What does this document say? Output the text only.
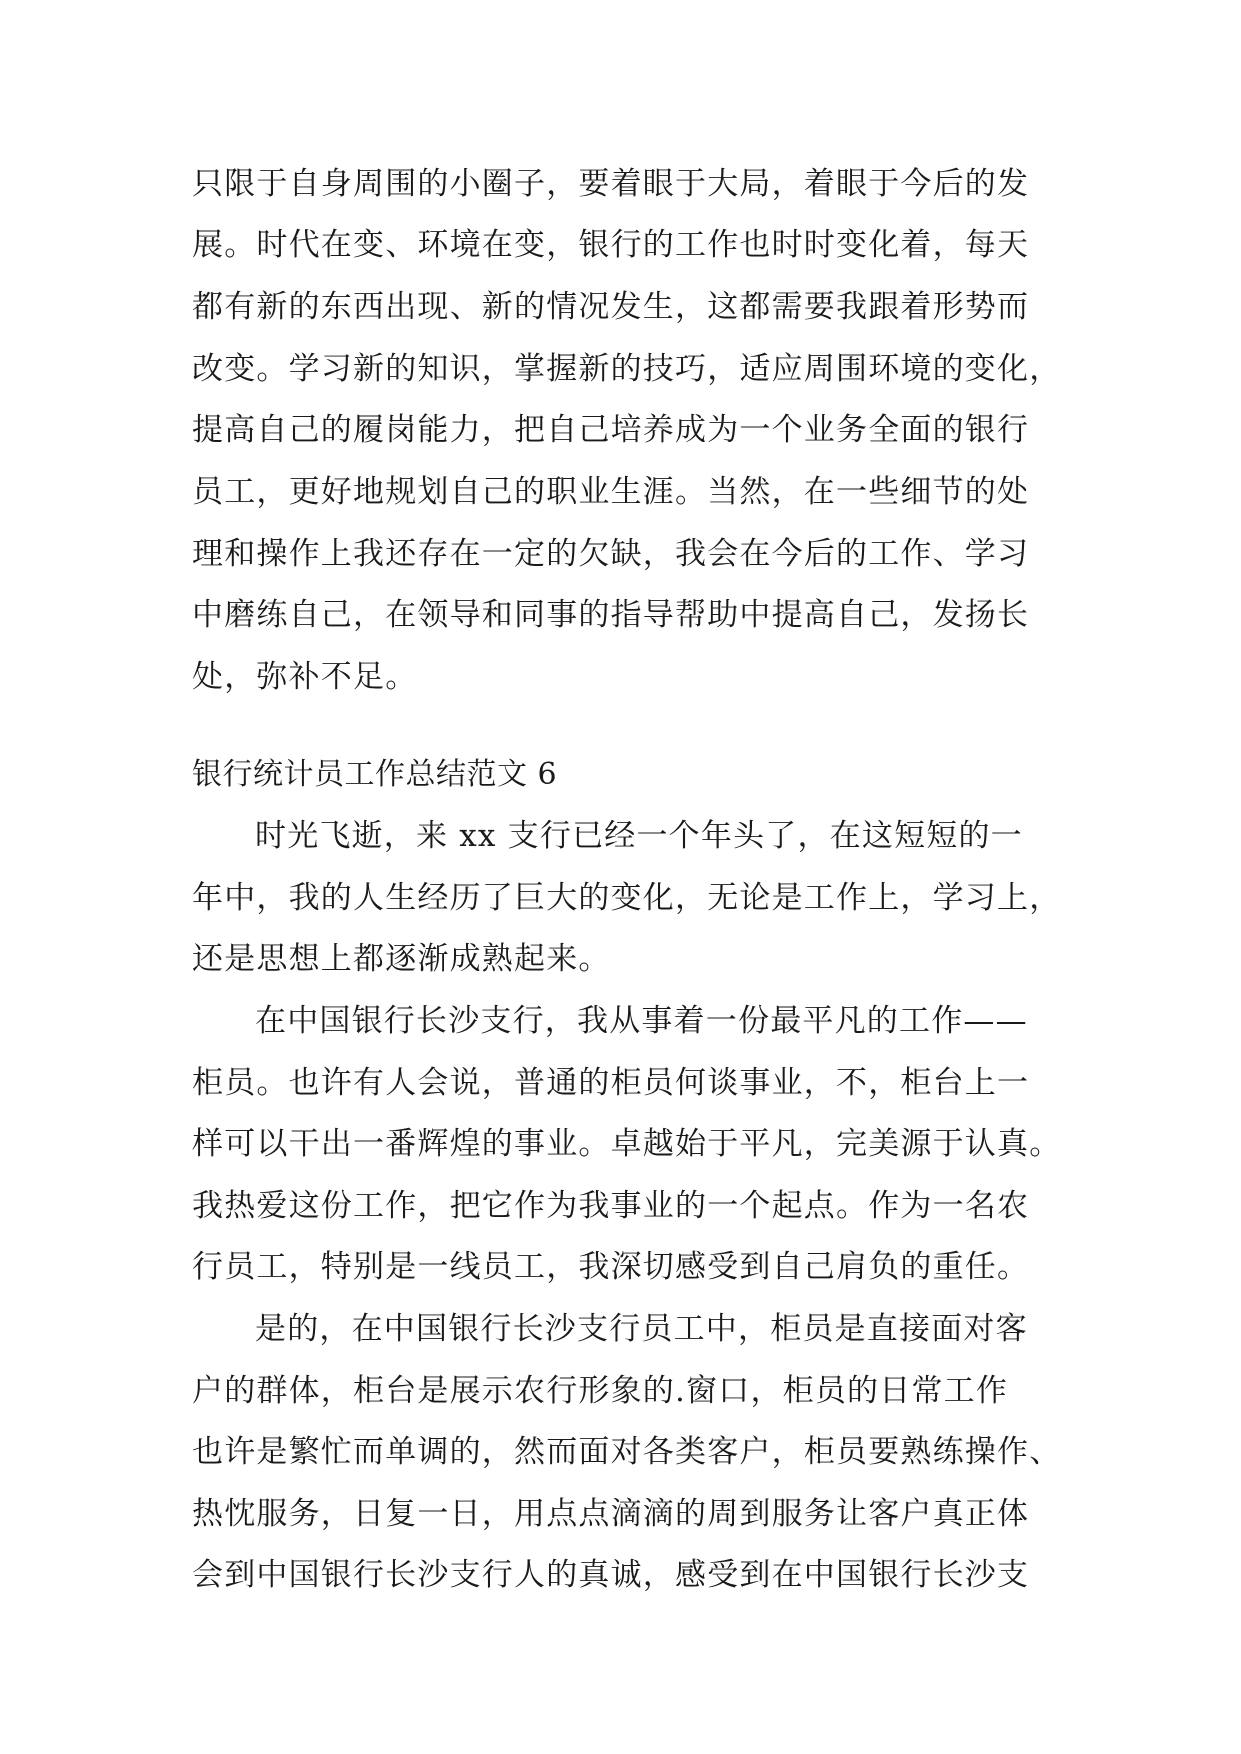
只限于自身周围的小圈子，要着眼于大局，着眼于今后的发
展。时代在变、环境在变，银行的工作也时时变化着，每天
都有新的东西出现、新的情况发生，这都需要我跟着形势而
改变。学习新的知识，掌握新的技巧，适应周围环境的变化，
提高自己的履岗能力，把自己培养成为一个业务全面的银行
员工，更好地规划自己的职业生涯。当然，在一些细节的处
理和操作上我还存在一定的欠缺，我会在今后的工作、学习
中磨练自己，在领导和同事的指导帮助中提高自己，发扬长
处，弥补不足。
银行统计员工作总结范文 6
时光飞逝，来 xx 支行已经一个年头了，在这短短的一
年中，我的人生经历了巨大的变化，无论是工作上，学习上，
还是思想上都逐渐成熟起来。
在中国银行长沙支行，我从事着一份最平凡的工作——
柜员。也许有人会说，普通的柜员何谈事业，不，柜台上一
样可以干出一番辉煌的事业。卓越始于平凡，完美源于认真。
我热爱这份工作，把它作为我事业的一个起点。作为一名农
行员工，特别是一线员工，我深切感受到自己肩负的重任。
是的，在中国银行长沙支行员工中，柜员是直接面对客
户的群体，柜台是展示农行形象的.窗口，柜员的日常工作
也许是繁忙而单调的，然而面对各类客户，柜员要熟练操作、
热忱服务，日复一日，用点点滴滴的周到服务让客户真正体
会到中国银行长沙支行人的真诚，感受到在中国银行长沙支
